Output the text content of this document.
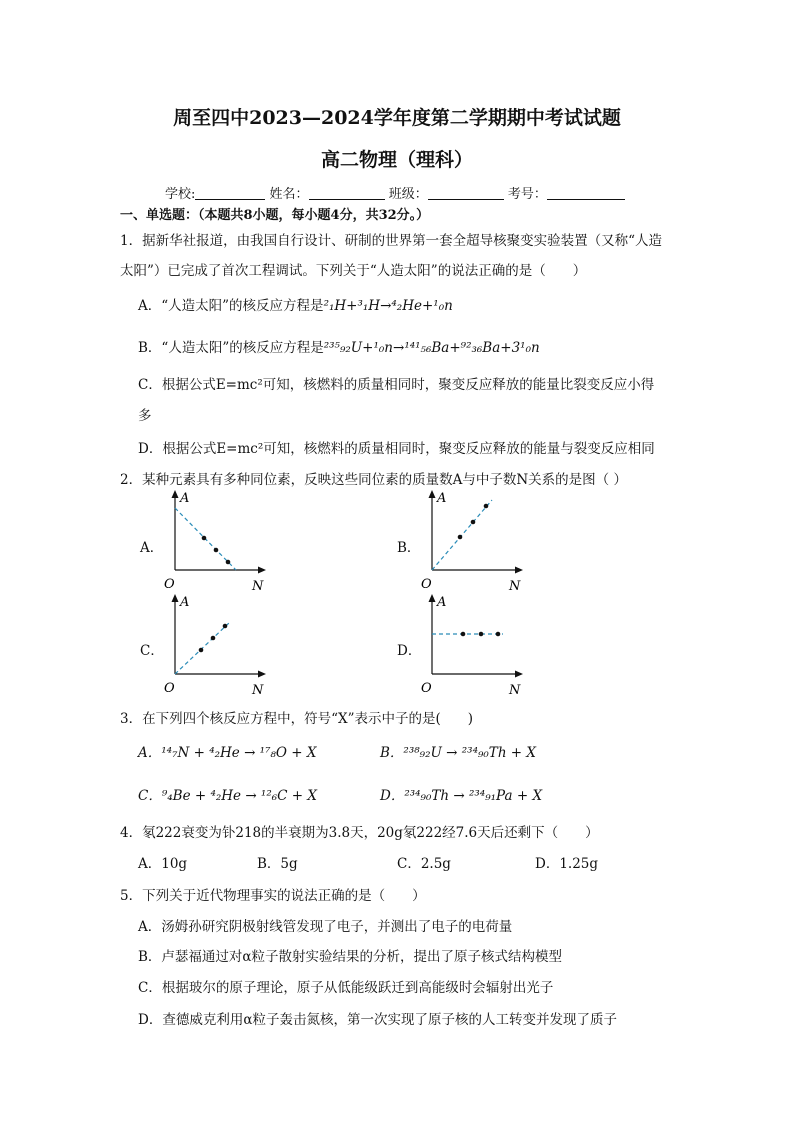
周至四中2023—2024学年度第二学期期中考试试题
高二物理（理科）
学校:	姓名：	班级：	考号：
一、单选题：（本题共8小题，每小题4分，共32分。）
1．据新华社报道，由我国自行设计、研制的世界第一套全超导核聚变实验装置（又称“人造
太阳”）已完成了首次工程调试。下列关于“人造太阳”的说法正确的是（　　）
A．“人造太阳”的核反应方程是²₁H+³₁H→⁴₂He+¹₀n
B．“人造太阳”的核反应方程是²³⁵₉₂U+¹₀n→¹⁴¹₅₆Ba+⁹²₃₆Ba+3¹₀n
C．根据公式E=mc²可知，核燃料的质量相同时，聚变反应释放的能量比裂变反应小得
多
D．根据公式E=mc²可知，核燃料的质量相同时，聚变反应释放的能量与裂变反应相同
2．某种元素具有多种同位素，反映这些同位素的质量数A与中子数N关系的是图（ ）
A．
A
O	N
B．
A
O	N
C．
A
O	N
D．
A
O	N
3．在下列四个核反应方程中，符号“X”表示中子的是(　　)
A．¹⁴₇N + ⁴₂He → ¹⁷₈O + X	B．²³⁸₉₂U → ²³⁴₉₀Th + X
C．⁹₄Be + ⁴₂He → ¹²₆C + X	D．²³⁴₉₀Th → ²³⁴₉₁Pa + X
4．氡222衰变为钋218的半衰期为3.8天，20g氡222经7.6天后还剩下（　　）
A．10g	B．5g	C．2.5g	D．1.25g
5．下列关于近代物理事实的说法正确的是（　　）
A．汤姆孙研究阴极射线管发现了电子，并测出了电子的电荷量
B．卢瑟福通过对α粒子散射实验结果的分析，提出了原子核式结构模型
C．根据玻尔的原子理论，原子从低能级跃迁到高能级时会辐射出光子
D．查德威克利用α粒子轰击氮核，第一次实现了原子核的人工转变并发现了质子
